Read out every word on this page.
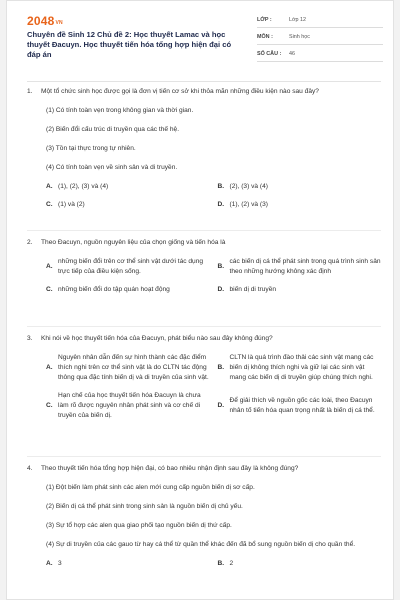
$2048^{VN}$
Chuyên đề Sinh 12 Chủ đề 2: Học thuyết Lamac và học thuyết Đacuyn. Học thuyết tiến hóa tổng hợp hiện đại có đáp án
LỚP :	Lớp 12
MÔN :	Sinh học
SỐ CÂU :	46
1. Một tổ chức sinh học được gọi là đơn vị tiến cơ sở khi thỏa mãn những điều kiện nào sau đây?
(1) Có tính toàn vẹn trong không gian và thời gian.
(2) Biến đổi cấu trúc di truyền qua các thế hệ.
(3) Tồn tại thực trong tự nhiên.
(4) Có tính toàn vẹn về sinh sản và di truyền.
A. (1), (2), (3) và (4)	B. (2), (3) và (4)
C. (1) và (2)	D. (1), (2) và (3)
2. Theo Đacuyn, nguồn nguyên liệu của chọn giống và tiến hóa là
A.
những biến đổi trên cơ thể sinh vật dưới tác dụng trực tiếp của điều kiện sống.
B.
các biến dị cá thể phát sinh trong quá trình sinh sản theo những hướng không xác định
C. những biến đổi do tập quán hoạt động	D. biến dị di truyền
3. Khi nói về học thuyết tiến hóa của Đacuyn, phát biểu nào sau đây không đúng?
A.
Nguyên nhân dẫn đến sự hình thành các đặc điểm thích nghi trên cơ thể sinh vật là do CLTN tác động thông qua đặc tính biến dị và di truyền của sinh vật.
B.
CLTN là quá trình đào thải các sinh vật mang các biến dị không thích nghi và giữ lại các sinh vật mang các biến dị di truyền giúp chúng thích nghi.
C.
Hạn chế của học thuyết tiến hóa Đacuyn là chưa làm rõ được nguyên nhân phát sinh và cơ chế di truyền của biến dị.
D.
Để giải thích về nguồn gốc các loài, theo Đacuyn nhân tố tiến hóa quan trọng nhất là biến dị cá thể.
4. Theo thuyết tiến hóa tổng hợp hiện đại, có bao nhiêu nhận định sau đây là không đúng?
(1) Đột biến làm phát sinh các alen mới cung cấp nguồn biến dị sơ cấp.
(2) Biến dị cá thể phát sinh trong sinh sản là nguồn biến dị chủ yếu.
(3) Sự tổ hợp các alen qua giao phối tạo nguồn biến dị thứ cấp.
(4) Sự di truyền của các gauo từ hay cá thể từ quần thể khác đến đã bổ sung nguồn biến dị cho quần thể.
A. 3	B. 2
